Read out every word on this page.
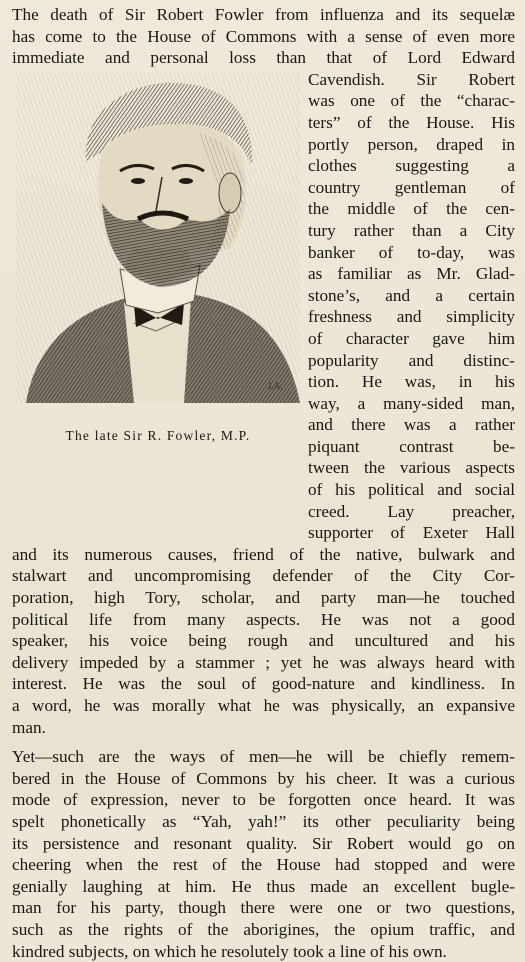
The death of Sir Robert Fowler from influenza and its sequelæ
has come to the House of Commons with a sense of even more
immediate and personal loss than that of Lord Edward
J.A.
The late Sir R. Fowler, M.P.
Cavendish. Sir Robert
was one of the “charac-
ters” of the House. His
portly person, draped in
clothes suggesting a
country gentleman of
the middle of the cen-
tury rather than a City
banker of to-day, was
as familiar as Mr. Glad-
stone’s, and a certain
freshness and simplicity
of character gave him
popularity and distinc-
tion. He was, in his
way, a many-sided man,
and there was a rather
piquant contrast be-
tween the various aspects
of his political and social
creed. Lay preacher,
supporter of Exeter Hall
and its numerous causes, friend of the native, bulwark and
stalwart and uncompromising defender of the City Cor-
poration, high Tory, scholar, and party man—he touched
political life from many aspects. He was not a good
speaker, his voice being rough and uncultured and his
delivery impeded by a stammer ; yet he was always heard with
interest. He was the soul of good-nature and kindliness. In
a word, he was morally what he was physically, an expansive
man.
Yet—such are the ways of men—he will be chiefly remem-
bered in the House of Commons by his cheer. It was a curious
mode of expression, never to be forgotten once heard. It was
spelt phonetically as “Yah, yah!” its other peculiarity being
its persistence and resonant quality. Sir Robert would go on
cheering when the rest of the House had stopped and were
genially laughing at him. He thus made an excellent bugle-
man for his party, though there were one or two questions,
such as the rights of the aborigines, the opium traffic, and
kindred subjects, on which he resolutely took a line of his own.
